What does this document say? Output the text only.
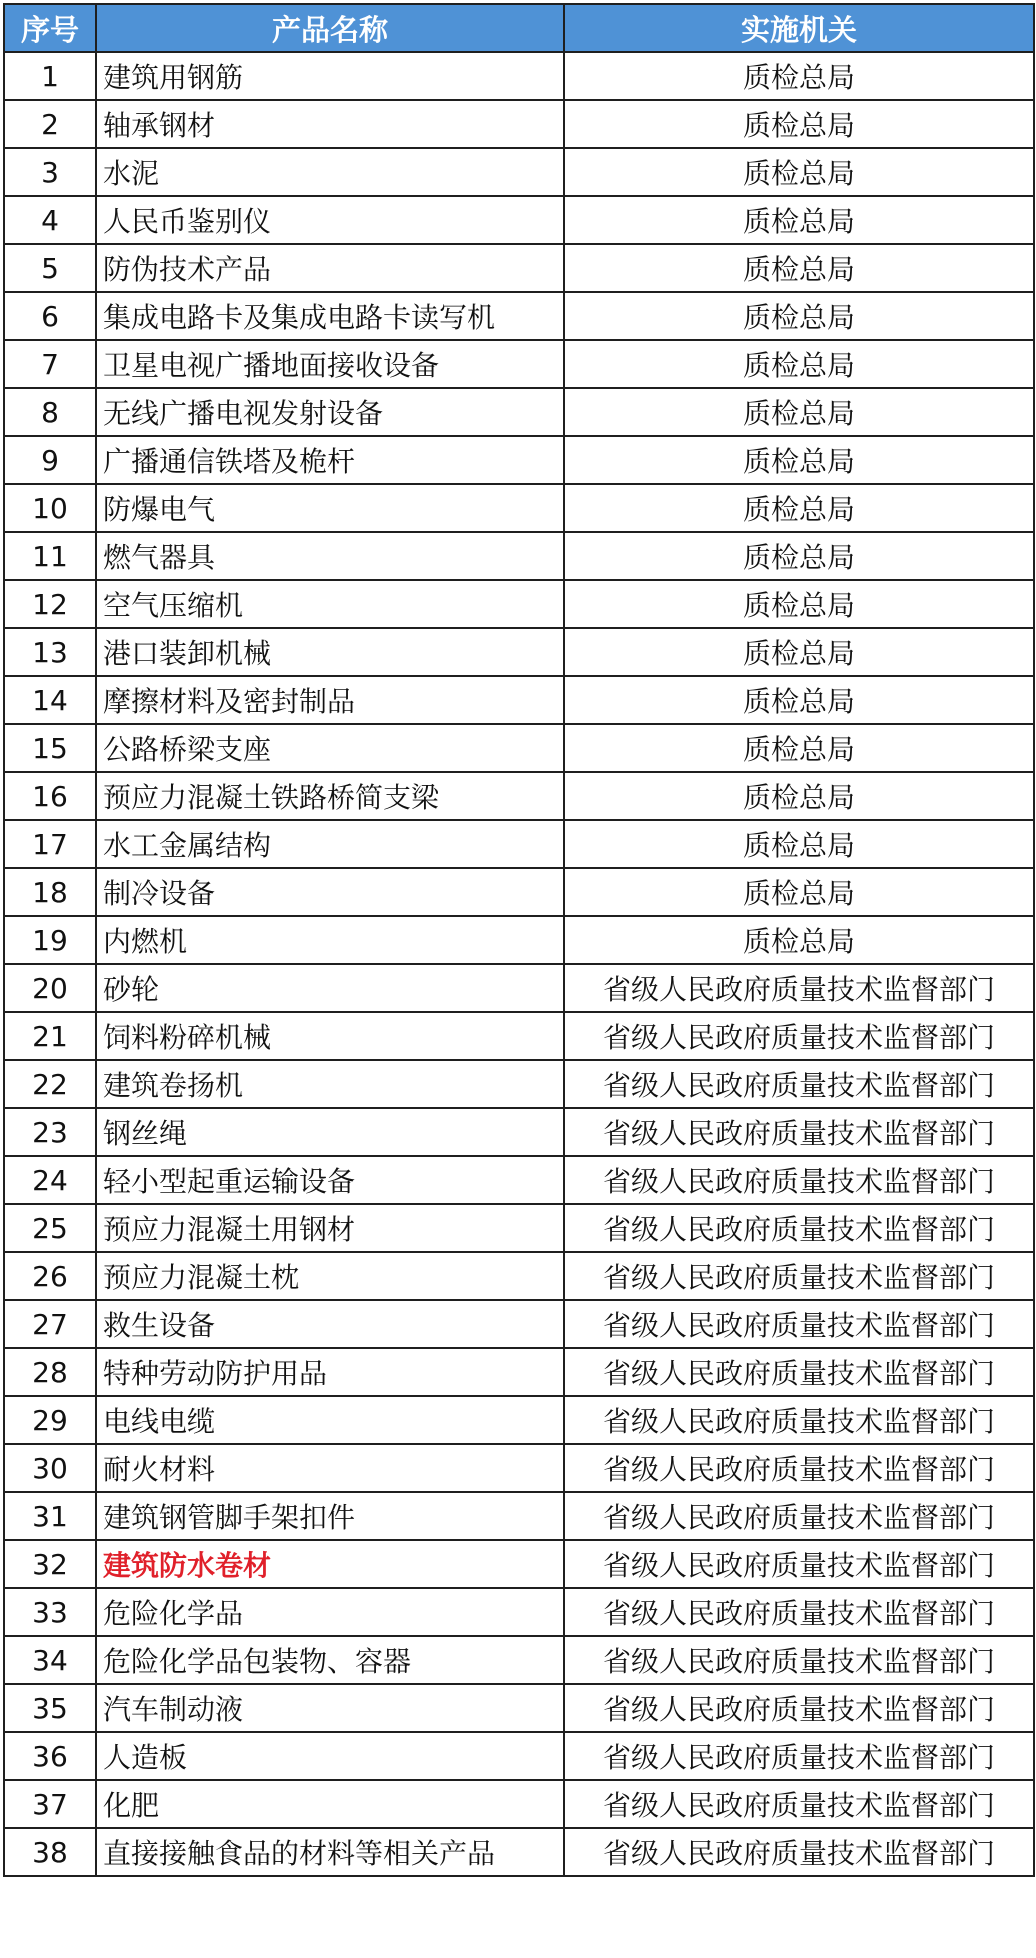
序号	产品名称	实施机关
1	建筑用钢筋	质检总局
2	轴承钢材	质检总局
3	水泥	质检总局
4	人民币鉴别仪	质检总局
5	防伪技术产品	质检总局
6	集成电路卡及集成电路卡读写机	质检总局
7	卫星电视广播地面接收设备	质检总局
8	无线广播电视发射设备	质检总局
9	广播通信铁塔及桅杆	质检总局
10	防爆电气	质检总局
11	燃气器具	质检总局
12	空气压缩机	质检总局
13	港口装卸机械	质检总局
14	摩擦材料及密封制品	质检总局
15	公路桥梁支座	质检总局
16	预应力混凝土铁路桥简支梁	质检总局
17	水工金属结构	质检总局
18	制冷设备	质检总局
19	内燃机	质检总局
20	砂轮	省级人民政府质量技术监督部门
21	饲料粉碎机械	省级人民政府质量技术监督部门
22	建筑卷扬机	省级人民政府质量技术监督部门
23	钢丝绳	省级人民政府质量技术监督部门
24	轻小型起重运输设备	省级人民政府质量技术监督部门
25	预应力混凝土用钢材	省级人民政府质量技术监督部门
26	预应力混凝土枕	省级人民政府质量技术监督部门
27	救生设备	省级人民政府质量技术监督部门
28	特种劳动防护用品	省级人民政府质量技术监督部门
29	电线电缆	省级人民政府质量技术监督部门
30	耐火材料	省级人民政府质量技术监督部门
31	建筑钢管脚手架扣件	省级人民政府质量技术监督部门
32	建筑防水卷材	省级人民政府质量技术监督部门
33	危险化学品	省级人民政府质量技术监督部门
34	危险化学品包装物、容器	省级人民政府质量技术监督部门
35	汽车制动液	省级人民政府质量技术监督部门
36	人造板	省级人民政府质量技术监督部门
37	化肥	省级人民政府质量技术监督部门
38	直接接触食品的材料等相关产品	省级人民政府质量技术监督部门
